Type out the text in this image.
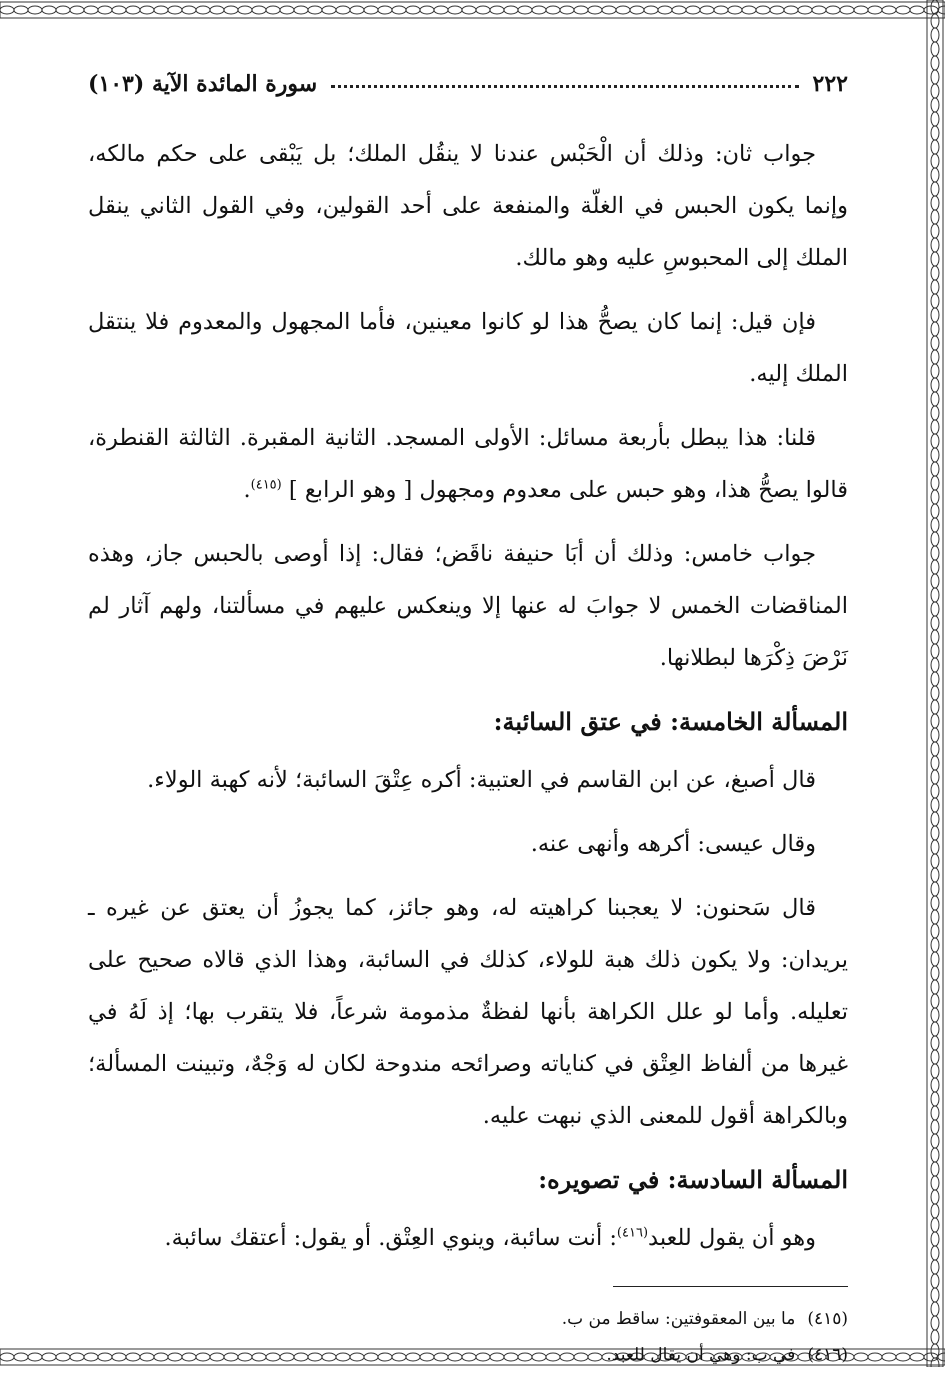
٢٢٢
سورة المائدة الآية (١٠٣)

جواب ثان: وذلك أن الْحَبْس عندنا لا ينقُل الملك؛ بل يَبْقى على حكم مالكه، وإنما يكون الحبس في الغلّة والمنفعة على أحد القولين، وفي القول الثاني ينقل الملك إلى المحبوسِ عليه وهو مالك.

فإن قيل: إنما كان يصحُّ هذا لو كانوا معينين، فأما المجهول والمعدوم فلا ينتقل الملك إليه.

قلنا: هذا يبطل بأربعة مسائل: الأولى المسجد. الثانية المقبرة. الثالثة القنطرة، قالوا يصحُّ هذا، وهو حبس على معدوم ومجهول [ وهو الرابع ] $^{(٤١٥)}$.

جواب خامس: وذلك أن أبَا حنيفة ناقَض؛ فقال: إذا أوصى بالحبس جاز، وهذه المناقضات الخمس لا جوابَ له عنها إلا وينعكس عليهم في مسألتنا، ولهم آثار لم نَرْضَ ذِكْرَها لبطلانها.

المسألة الخامسة: في عتق السائبة:

قال أصبغ، عن ابن القاسم في العتبية: أكره عِتْقَ السائبة؛ لأنه كهبة الولاء.

وقال عيسى: أكرهه وأنهى عنه.

قال سَحنون: لا يعجبنا كراهيته له، وهو جائز، كما يجوزُ أن يعتق عن غيره ـ يريدان: ولا يكون ذلك هبة للولاء، كذلك في السائبة، وهذا الذي قالاه صحيح على تعليله. وأما لو علل الكراهة بأنها لفظةٌ مذمومة شرعاً، فلا يتقرب بها؛ إذ لَهُ في غيرها من ألفاظ العِتْق في كناياته وصرائحه مندوحة لكان له وَجْهٌ، وتبينت المسألة؛ وبالكراهة أقول للمعنى الذي نبهت عليه.

المسألة السادسة: في تصويره:

وهو أن يقول للعبد$^{(٤١٦)}$: أنت سائبة، وينوي العِتْق. أو يقول: أعتقك سائبة.

(٤١٥)ما بين المعقوفتين: ساقط من ب.

(٤١٦)في ب: وهي أن يقال للعبد.
